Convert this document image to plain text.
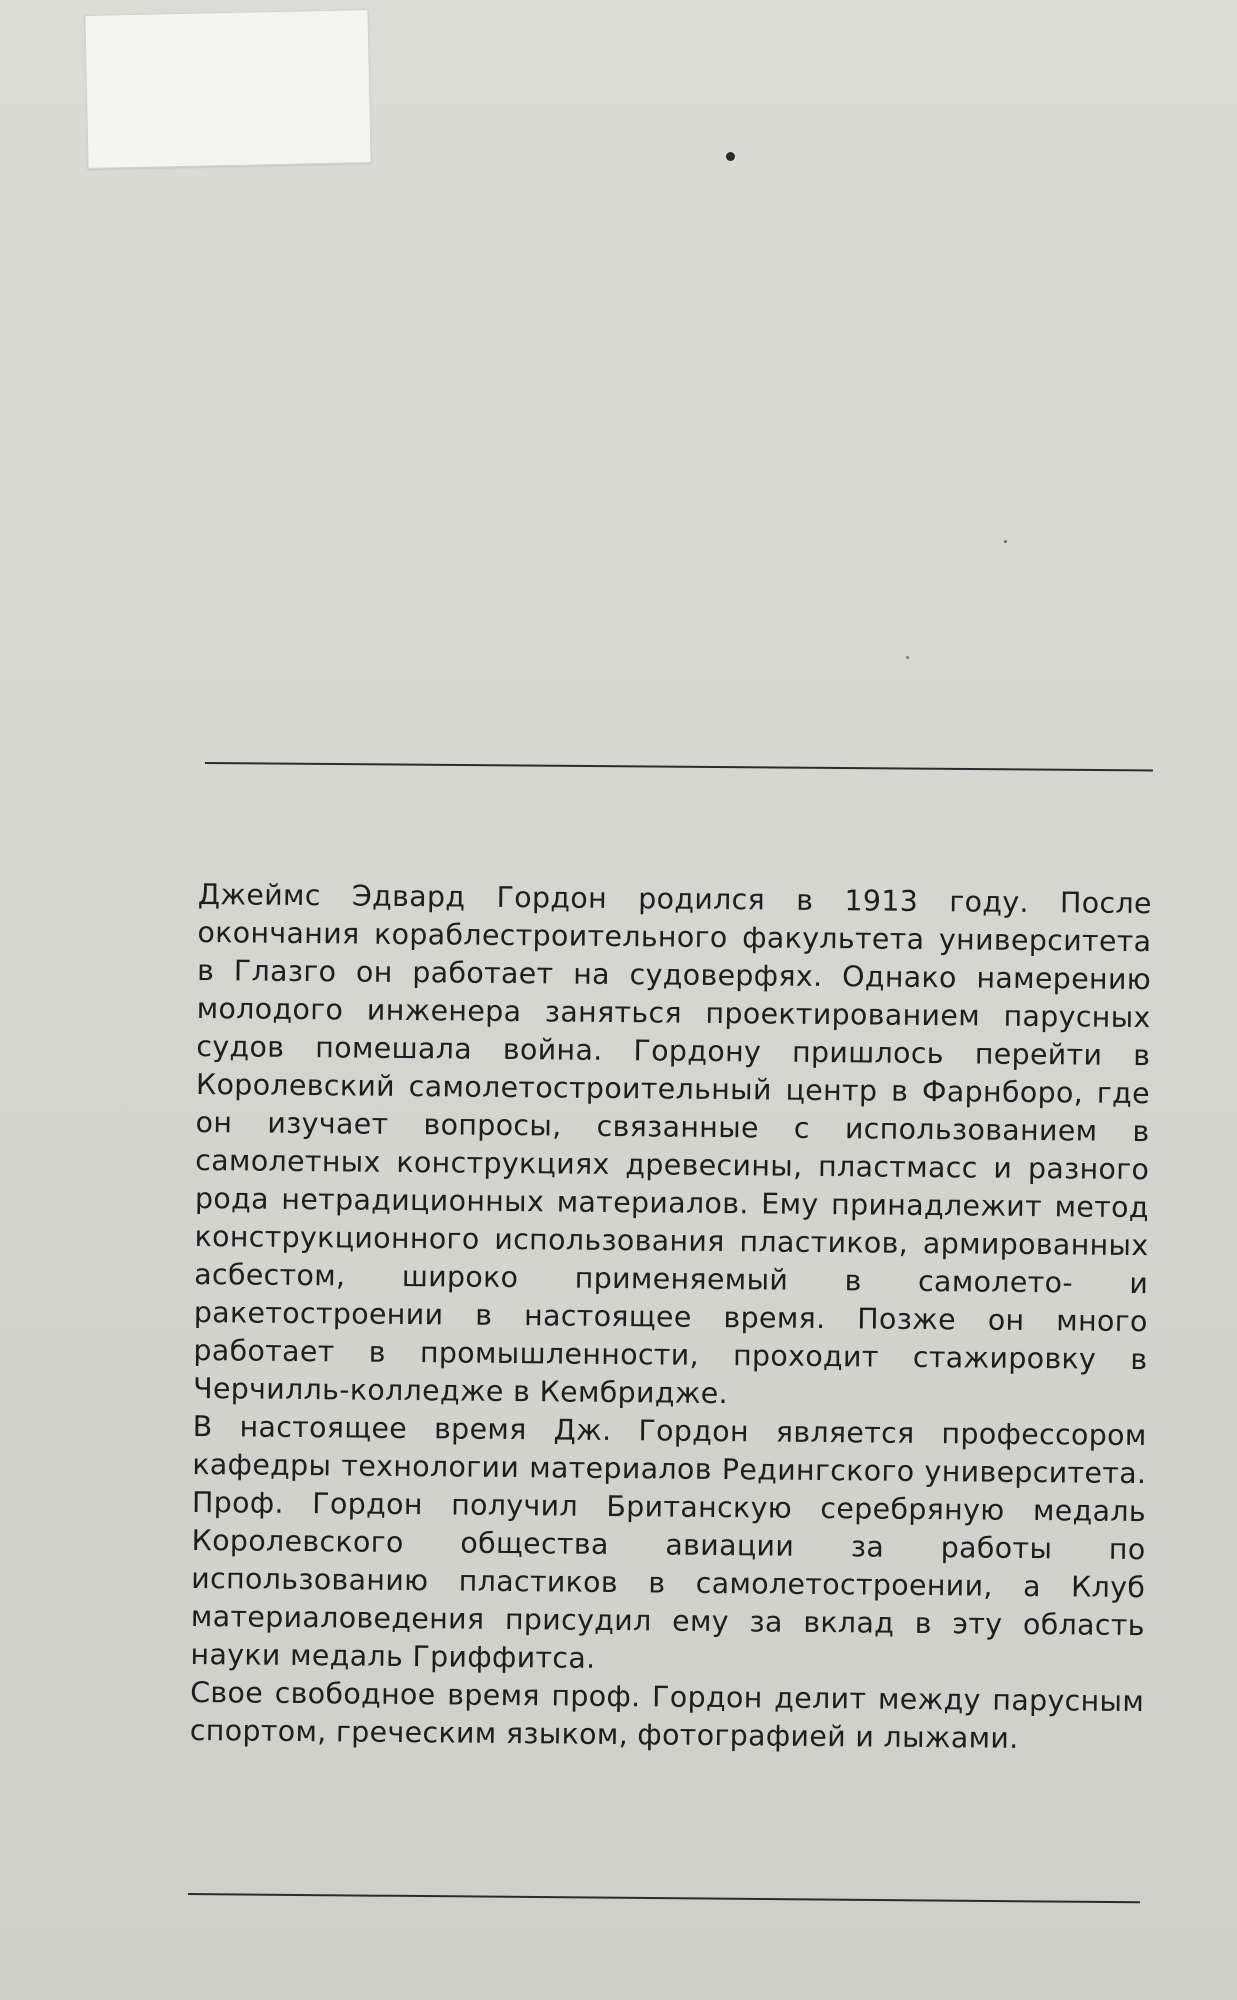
Джеймс Эдвард Гордон родился в 1913 году. После окончания кораблестроительного факультета университета в Глазго он работает на судоверфях. Однако намерению молодого инженера заняться проектированием парусных судов помешала война. Гордону пришлось перейти в Королевский самолетостроительный центр в Фарнборо, где он изучает вопросы, связанные с использованием в самолетных конструкциях древесины, пластмасс и разного рода нетрадиционных материалов. Ему принадлежит метод конструкционного использования пластиков, армированных асбестом, широко применяемый в самолето- и ракетостроении в настоящее время. Позже он много работает в промышленности, проходит стажировку в Черчилль-колледже в Кембридже.

В настоящее время Дж. Гордон является профессором кафедры технологии материалов Редингского университета. Проф. Гордон получил Британскую серебряную медаль Королевского общества авиации за работы по использованию пластиков в самолетостроении, а Клуб материаловедения присудил ему за вклад в эту область науки медаль Гриффитса.

Свое свободное время проф. Гордон делит между парусным спортом, греческим языком, фотографией и лыжами.
